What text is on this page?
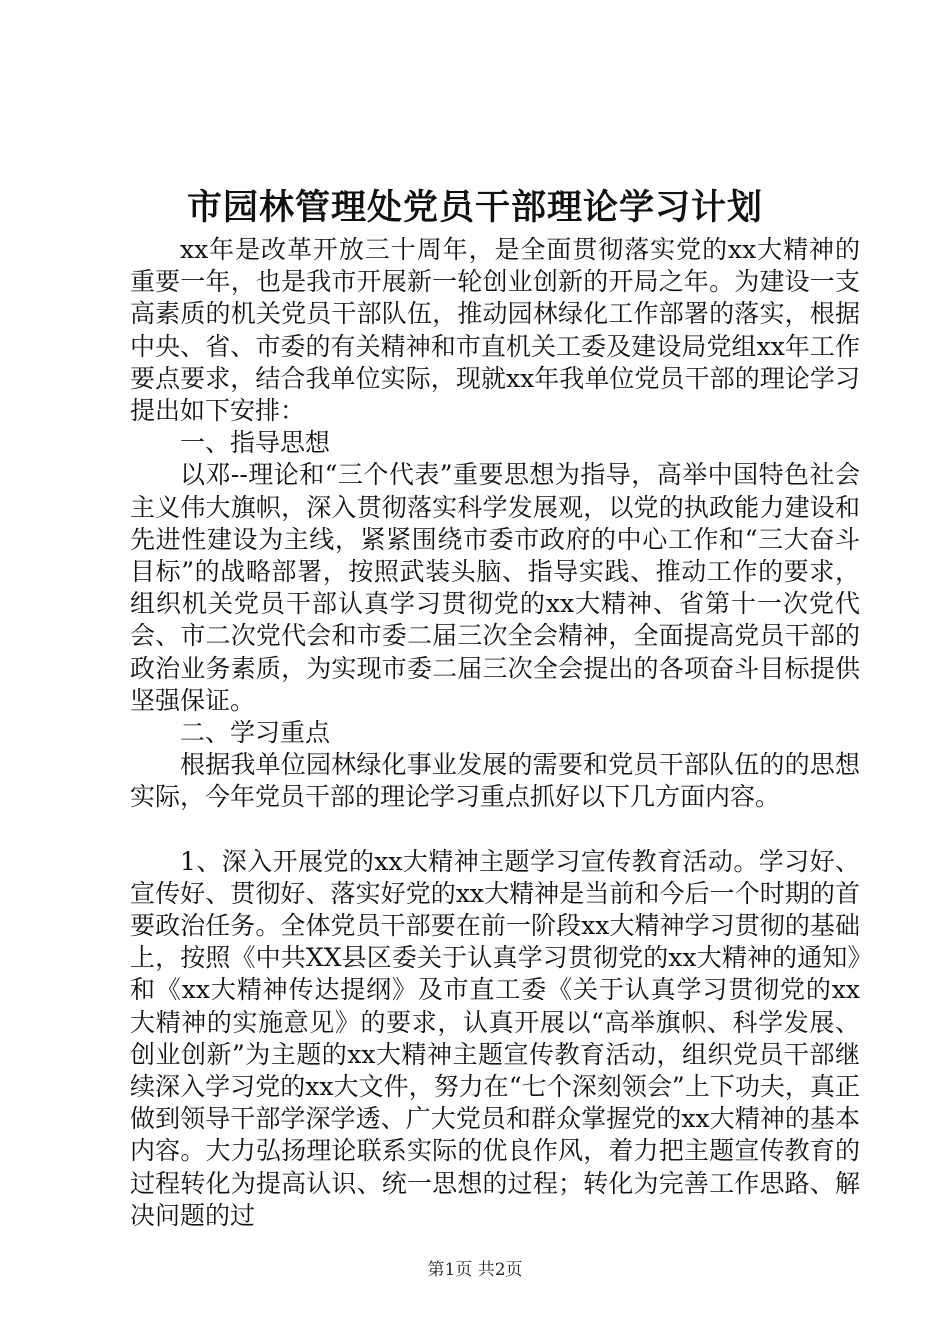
市园林管理处党员干部理论学习计划

xx年是改革开放三十周年，是全面贯彻落实党的xx大精神的重要一年，也是我市开展新一轮创业创新的开局之年。为建设一支高素质的机关党员干部队伍，推动园林绿化工作部署的落实，根据中央、省、市委的有关精神和市直机关工委及建设局党组xx年工作要点要求，结合我单位实际，现就xx年我单位党员干部的理论学习提出如下安排：

一、指导思想

以邓--理论和“三个代表”重要思想为指导，高举中国特色社会主义伟大旗帜，深入贯彻落实科学发展观，以党的执政能力建设和先进性建设为主线，紧紧围绕市委市政府的中心工作和“三大奋斗目标”的战略部署，按照武装头脑、指导实践、推动工作的要求，组织机关党员干部认真学习贯彻党的xx大精神、省第十一次党代会、市二次党代会和市委二届三次全会精神，全面提高党员干部的政治业务素质，为实现市委二届三次全会提出的各项奋斗目标提供坚强保证。

二、学习重点

根据我单位园林绿化事业发展的需要和党员干部队伍的的思想实际，今年党员干部的理论学习重点抓好以下几方面内容。

1、深入开展党的xx大精神主题学习宣传教育活动。学习好、宣传好、贯彻好、落实好党的xx大精神是当前和今后一个时期的首要政治任务。全体党员干部要在前一阶段xx大精神学习贯彻的基础上，按照《中共XX县区委关于认真学习贯彻党的xx大精神的通知》和《xx大精神传达提纲》及市直工委《关于认真学习贯彻党的xx大精神的实施意见》的要求，认真开展以“高举旗帜、科学发展、创业创新”为主题的xx大精神主题宣传教育活动，组织党员干部继续深入学习党的xx大文件，努力在“七个深刻领会”上下功夫，真正做到领导干部学深学透、广大党员和群众掌握党的xx大精神的基本内容。大力弘扬理论联系实际的优良作风，着力把主题宣传教育的过程转化为提高认识、统一思想的过程；转化为完善工作思路、解决问题的过

第1页 共2页
